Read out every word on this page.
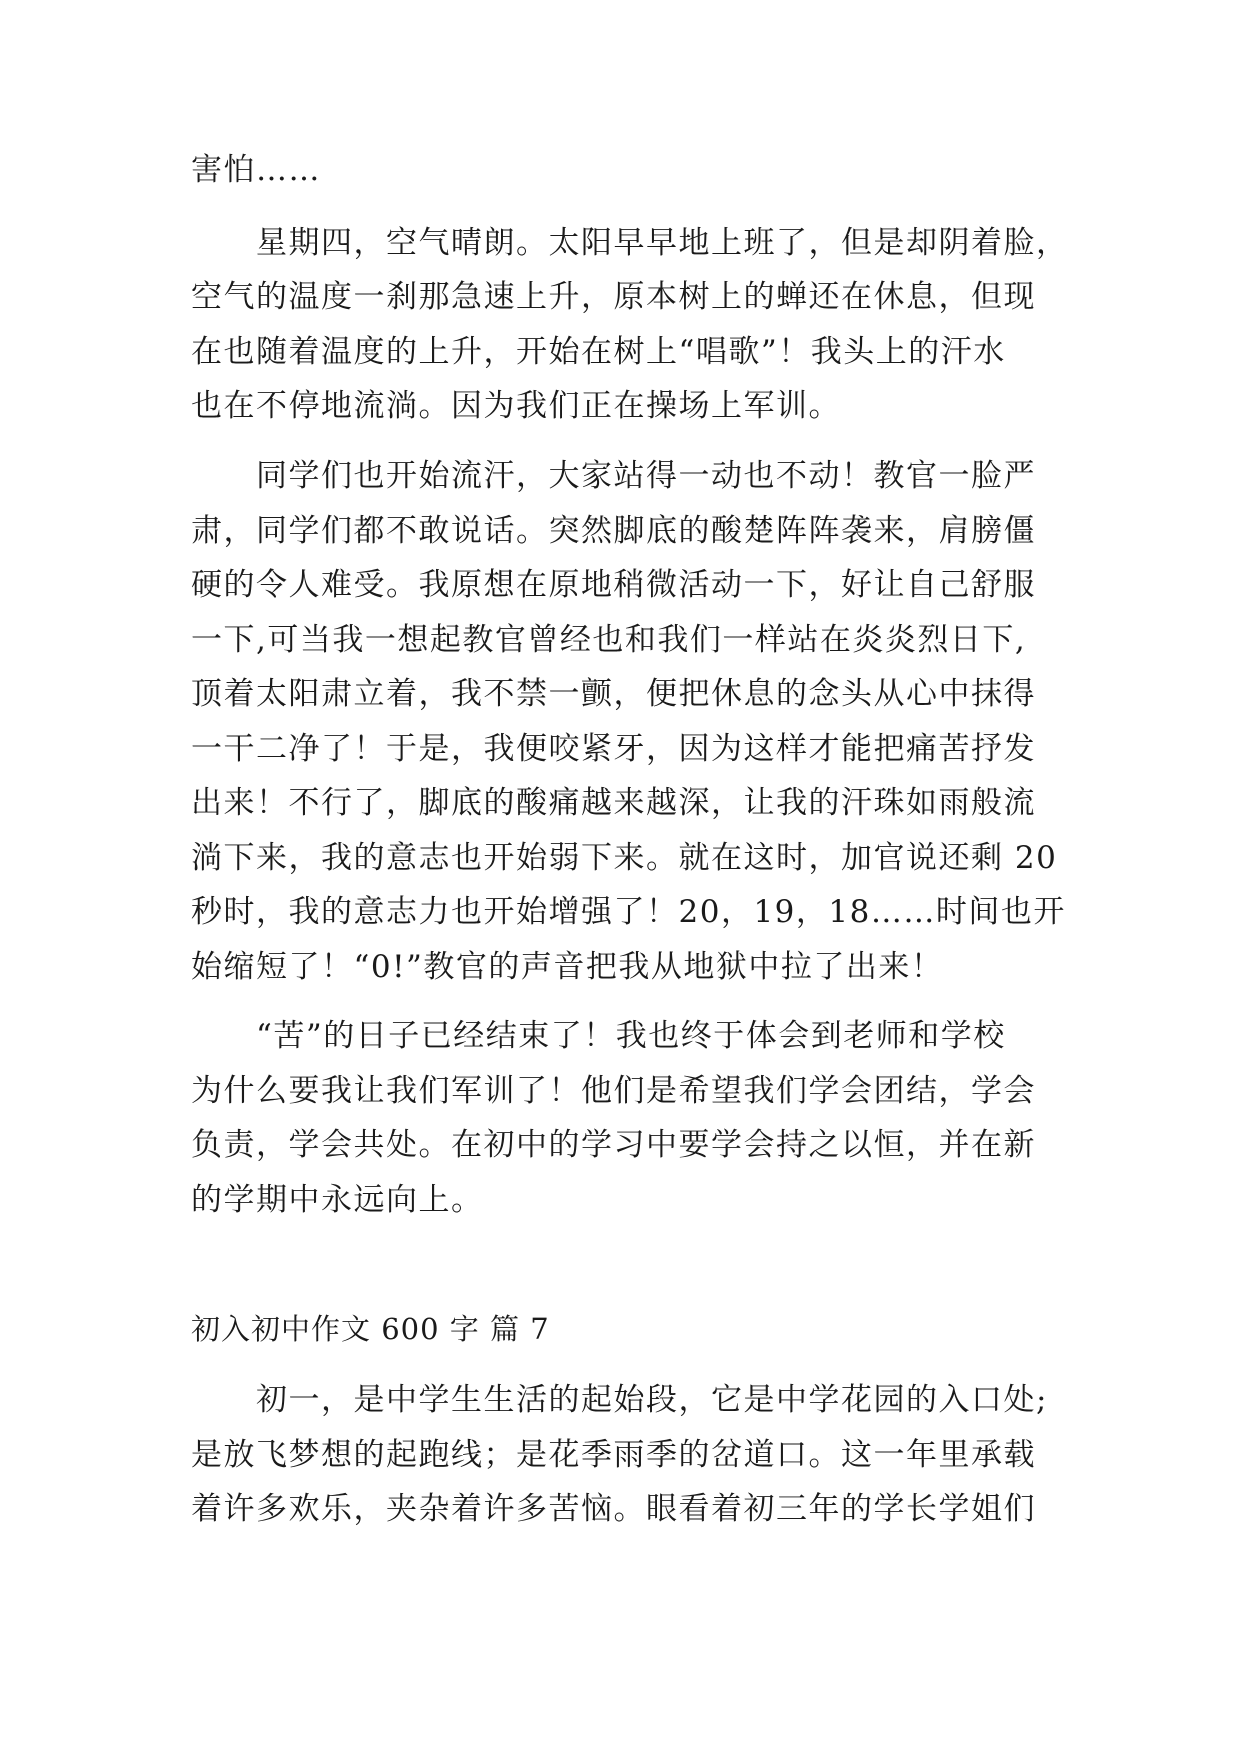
害怕……
星期四，空气晴朗。太阳早早地上班了，但是却阴着脸，
空气的温度一刹那急速上升，原本树上的蝉还在休息，但现
在也随着温度的上升，开始在树上“唱歌”！我头上的汗水
也在不停地流淌。因为我们正在操场上军训。
同学们也开始流汗，大家站得一动也不动！教官一脸严
肃，同学们都不敢说话。突然脚底的酸楚阵阵袭来，肩膀僵
硬的令人难受。我原想在原地稍微活动一下，好让自己舒服
一下,可当我一想起教官曾经也和我们一样站在炎炎烈日下,
顶着太阳肃立着，我不禁一颤，便把休息的念头从心中抹得
一干二净了！于是，我便咬紧牙，因为这样才能把痛苦抒发
出来！不行了，脚底的酸痛越来越深，让我的汗珠如雨般流
淌下来，我的意志也开始弱下来。就在这时，加官说还剩 20
秒时，我的意志力也开始增强了！20，19，18……时间也开
始缩短了！“0!”教官的声音把我从地狱中拉了出来！
“苦”的日子已经结束了！我也终于体会到老师和学校
为什么要我让我们军训了！他们是希望我们学会团结，学会
负责，学会共处。在初中的学习中要学会持之以恒，并在新
的学期中永远向上。
初入初中作文 600 字 篇 7
初一，是中学生生活的起始段，它是中学花园的入口处;
是放飞梦想的起跑线；是花季雨季的岔道口。这一年里承载
着许多欢乐，夹杂着许多苦恼。眼看着初三年的学长学姐们
